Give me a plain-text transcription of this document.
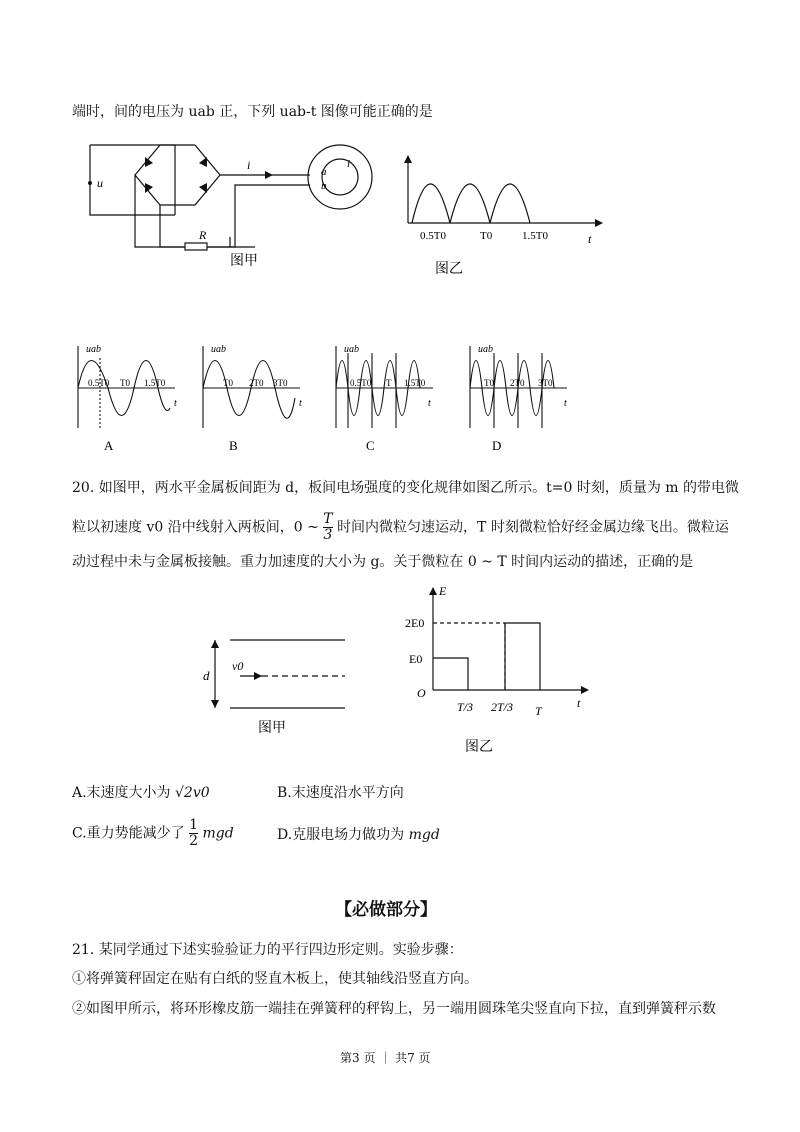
端时，间的电压为 uab 正，下列 uab-t 图像可能正确的是
u
i
R
i
a
b
图甲
0.5T0	T0	1.5T0	t
图乙
uab
0.5T0 T0 1.5T0
t
A
uab
T0 2T0 3T0
t
B
uab
0.5T0 T 1.5T0
t
C
uab
T0 2T0 3T0
t
D
20. 如图甲，两水平金属板间距为 d，板间电场强度的变化规律如图乙所示。t=0 时刻，质量为 m 的带电微
粒以初速度 v0 沿中线射入两板间，0 ~ $\frac{T}{3}$ 时间内微粒匀速运动，T 时刻微粒恰好经金属边缘飞出。微粒运
动过程中未与金属板接触。重力加速度的大小为 g。关于微粒在 0 ~ T 时间内运动的描述，正确的是
d
v0
图甲
E
2E0
E0
O
T/3 2T/3 T
t
图乙
A.末速度大小为 √2v0	B.末速度沿水平方向
C.重力势能减少了 $\frac{1}{2}$ mgd	D.克服电场力做功为 mgd
【必做部分】
21. 某同学通过下述实验验证力的平行四边形定则。实验步骤：
①将弹簧秤固定在贴有白纸的竖直木板上，使其轴线沿竖直方向。
②如图甲所示，将环形橡皮筋一端挂在弹簧秤的秤钩上，另一端用圆珠笔尖竖直向下拉，直到弹簧秤示数
第3 页 ｜ 共7 页
